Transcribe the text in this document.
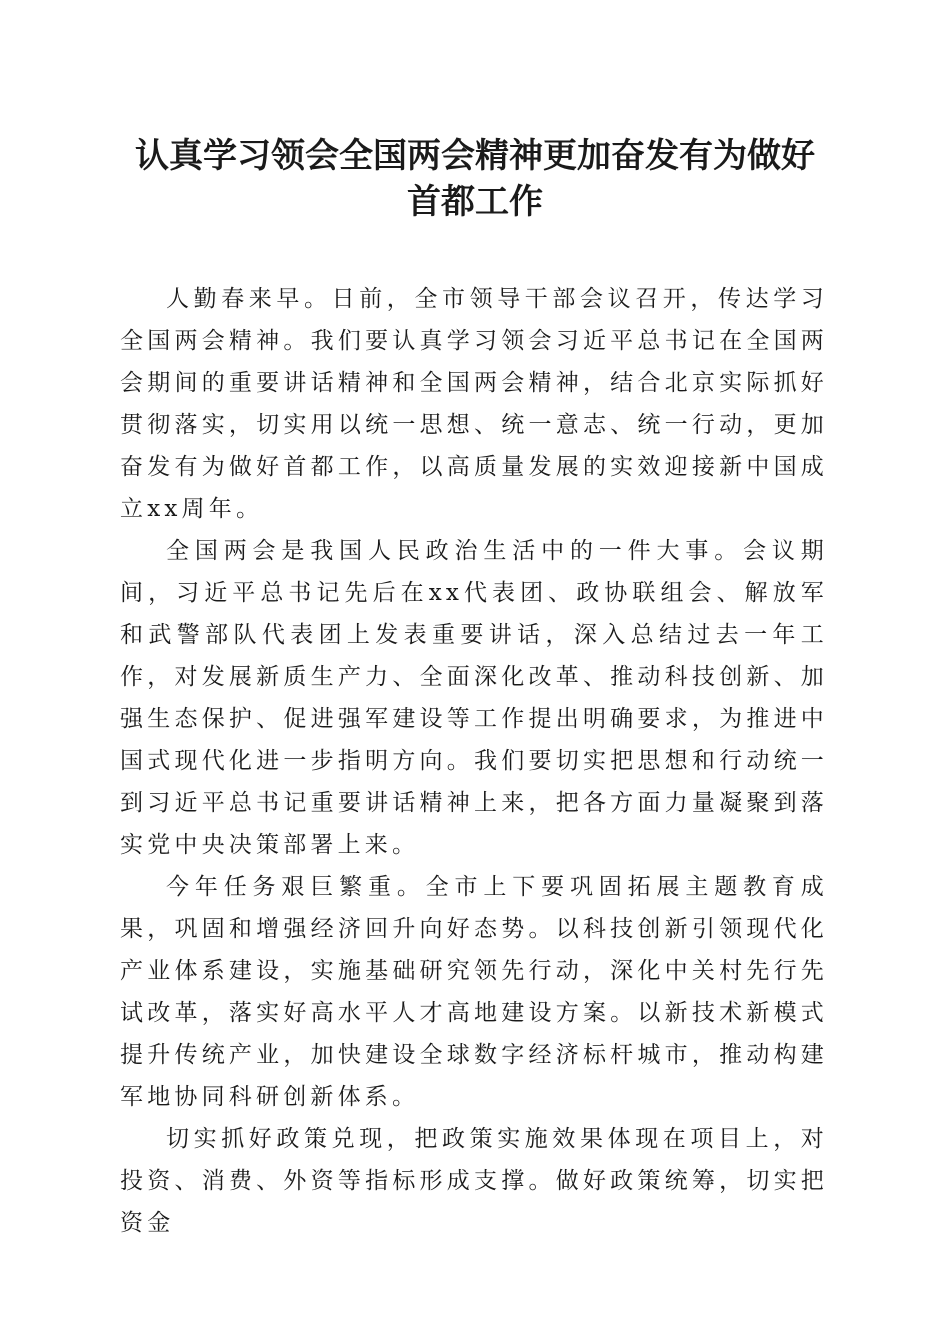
认真学习领会全国两会精神更加奋发有为做好
首都工作

人勤春来早。日前，全市领导干部会议召开，传达学习全国两会精神。我们要认真学习领会习近平总书记在全国两会期间的重要讲话精神和全国两会精神，结合北京实际抓好贯彻落实，切实用以统一思想、统一意志、统一行动，更加奋发有为做好首都工作，以高质量发展的实效迎接新中国成立xx周年。

全国两会是我国人民政治生活中的一件大事。会议期间，习近平总书记先后在xx代表团、政协联组会、解放军和武警部队代表团上发表重要讲话，深入总结过去一年工作，对发展新质生产力、全面深化改革、推动科技创新、加强生态保护、促进强军建设等工作提出明确要求，为推进中国式现代化进一步指明方向。我们要切实把思想和行动统一到习近平总书记重要讲话精神上来，把各方面力量凝聚到落实党中央决策部署上来。

今年任务艰巨繁重。全市上下要巩固拓展主题教育成果，巩固和增强经济回升向好态势。以科技创新引领现代化产业体系建设，实施基础研究领先行动，深化中关村先行先试改革，落实好高水平人才高地建设方案。以新技术新模式提升传统产业，加快建设全球数字经济标杆城市，推动构建军地协同科研创新体系。

切实抓好政策兑现，把政策实施效果体现在项目上，对投资、消费、外资等指标形成支撑。做好政策统筹，切实把资金
